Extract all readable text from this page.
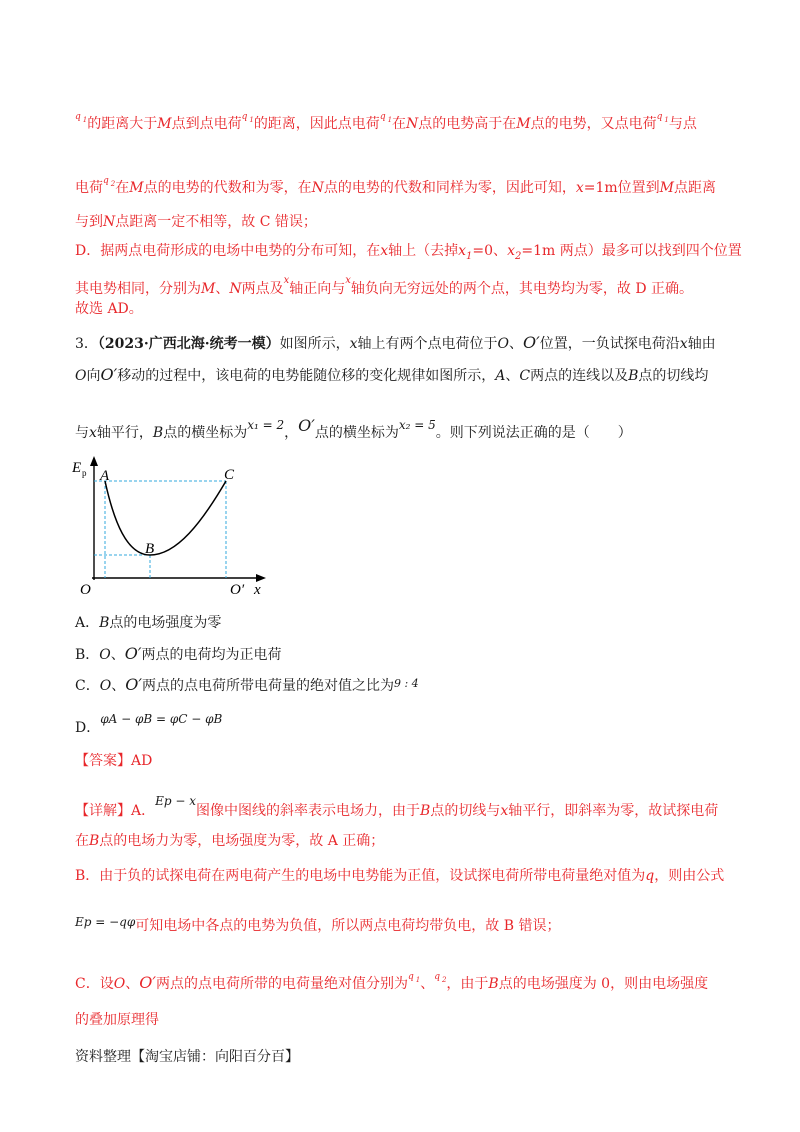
$^q$ $^1$的距离大于M点到点电荷$^q$ $^1$的距离，因此点电荷$^q$ $^1$在N点的电势高于在M点的电势，又点电荷$^q$ $^1$与点
电荷$^q$ $^2$在M点的电势的代数和为零，在N点的电势的代数和同样为零，因此可知，x=1m位置到M点距离
与到N点距离一定不相等，故 C 错误；
D．据两点电荷形成的电场中电势的分布可知，在x轴上（去掉$x_1=0$、$x_2=1m$ 两点）最多可以找到四个位置
其电势相同，分别为M、N两点及$^x$轴正向与$^x$轴负向无穷远处的两个点，其电势均为零，故 D 正确。
故选 AD。
3．（2023·广西北海·统考一模）如图所示，x轴上有两个点电荷位于O、O′位置，一负试探电荷沿x轴由
O向O′移动的过程中，该电荷的电势能随位移的变化规律如图所示，A、C两点的连线以及B点的切线均
与x轴平行，B点的横坐标为x₁ = 2，O′点的横坐标为x₂ = 5。则下列说法正确的是（　　）
E p A
B
C
O	O′ x
A．B点的电场强度为零
B．O、O′两点的电荷均为正电荷
C．O、O′两点的点电荷所带电荷量的绝对值之比为$^{9 : 4}$
D．φA − φB = φC − φB
【答案】AD
【详解】A．Ep − x图像中图线的斜率表示电场力，由于B点的切线与x轴平行，即斜率为零，故试探电荷
在B点的电场力为零，电场强度为零，故 A 正确；
B．由于负的试探电荷在两电荷产生的电场中电势能为正值，设试探电荷所带电荷量绝对值为q，则由公式
Ep = −qφ可知电场中各点的电势为负值，所以两点电荷均带负电，故 B 错误；
C．设O、O′两点的点电荷所带的电荷量绝对值分别为$^q$ $^1$、$^q$ $^2$，由于B点的电场强度为 0，则由电场强度
的叠加原理得
资料整理【淘宝店铺：向阳百分百】
